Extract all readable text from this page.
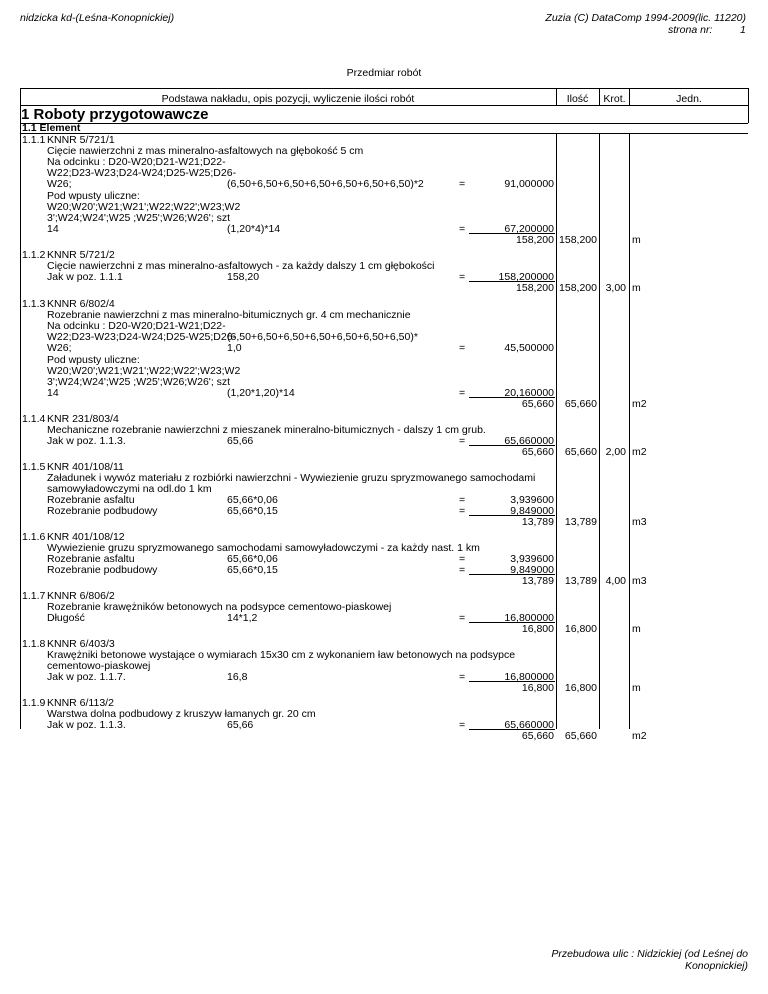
nidzicka kd-(Leśna-Konopnickiej)	Zuzia (C) DataComp 1994-2009(lic. 11220)
strona nr:	1
Przedmiar robót
Podstawa nakładu, opis pozycji, wyliczenie ilości robót	Ilość	Krot.	Jedn.
1 Roboty przygotowawcze
1.1 Element
1.1.1 KNNR 5/721/1
Cięcie nawierzchni z mas mineralno-asfaltowych na głębokość 5 cm
Na odcinku : D20-W20;D21-W21;D22-
W22;D23-W23;D24-W24;D25-W25;D26-
W26;	(6,50+6,50+6,50+6,50+6,50+6,50+6,50)*2	=	91,000000
Pod wpusty uliczne:
W20;W20';W21;W21';W22;W22';W23;W2
3';W24;W24';W25 ;W25';W26;W26'; szt
14	(1,20*4)*14	=	67,200000
158,200 158,200	m
1.1.2 KNNR 5/721/2
Cięcie nawierzchni z mas mineralno-asfaltowych - za każdy dalszy 1 cm głębokości
Jak w poz. 1.1.1	158,20	=	158,200000
158,200 158,200 3,00 m
1.1.3 KNNR 6/802/4
Rozebranie nawierzchni z mas mineralno-bitumicznych gr. 4 cm mechanicznie
Na odcinku : D20-W20;D21-W21;D22-
W22;D23-W23;D24-W24;D25-W25;D26-
(6,50+6,50+6,50+6,50+6,50+6,50+6,50)*
W26;	1,0	=	45,500000
Pod wpusty uliczne:
W20;W20';W21;W21';W22;W22';W23;W2
3';W24;W24';W25 ;W25';W26;W26'; szt
14	(1,20*1,20)*14	=	20,160000
65,660 65,660	m2
1.1.4 KNR 231/803/4
Mechaniczne rozebranie nawierzchni z mieszanek mineralno-bitumicznych - dalszy 1 cm grub.
Jak w poz. 1.1.3.	65,66	=	65,660000
65,660 65,660 2,00 m2
1.1.5 KNR 401/108/11
Załadunek i wywóz materiału z rozbiórki nawierzchni - Wywiezienie gruzu spryzmowanego samochodami
samowyładowczymi na odl.do 1 km
Rozebranie asfaltu	65,66*0,06	=	3,939600
Rozebranie podbudowy	65,66*0,15	=	9,849000
13,789 13,789	m3
1.1.6 KNR 401/108/12
Wywiezienie gruzu spryzmowanego samochodami samowyładowczymi - za każdy nast. 1 km
Rozebranie asfaltu	65,66*0,06	=	3,939600
Rozebranie podbudowy	65,66*0,15	=	9,849000
13,789 13,789 4,00 m3
1.1.7 KNNR 6/806/2
Rozebranie krawężników betonowych na podsypce cementowo-piaskowej
Długość	14*1,2	=	16,800000
16,800 16,800	m
1.1.8 KNNR 6/403/3
Krawężniki betonowe wystające o wymiarach 15x30 cm z wykonaniem ław betonowych na podsypce
cementowo-piaskowej
Jak w poz. 1.1.7.	16,8	=	16,800000
16,800 16,800	m
1.1.9 KNNR 6/113/2
Warstwa dolna podbudowy z kruszyw łamanych gr. 20 cm
Jak w poz. 1.1.3.	65,66	=	65,660000
65,660 65,660	m2
Przebudowa ulic : Nidzickiej (od Leśnej do
Konopnickiej)
